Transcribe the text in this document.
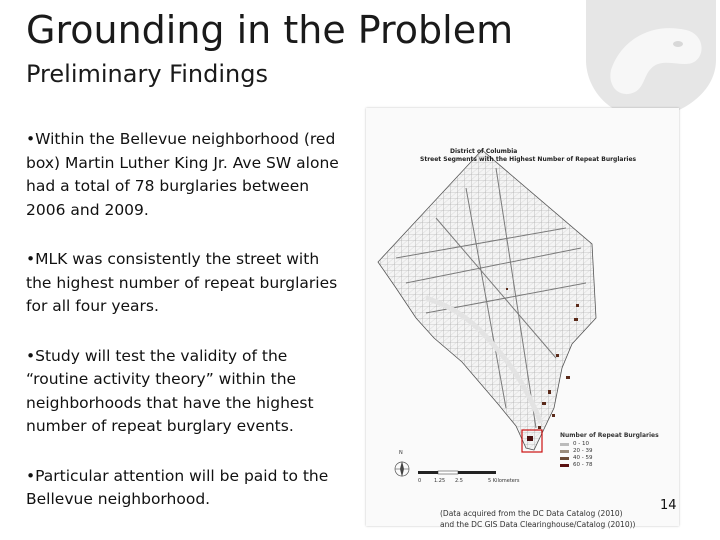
Grounding in the Problem
Preliminary Findings
•Within the Bellevue neighborhood (red box) Martin Luther King Jr. Ave SW alone had a total of 78 burglaries between 2006 and 2009.
•MLK was consistently the street with the highest number of repeat burglaries for all four years.
•Study will test the validity of the “routine activity theory” within the neighborhoods that have the highest number of repeat burglary events.
•Particular attention will be paid to the Bellevue neighborhood.
District of Columbia
Street Segments with the Highest Number of Repeat Burglaries
Number of Repeat Burglaries
0 - 10
20 - 39
40 - 59
60 - 78
N
0	1.25 2.5	5 Kilometers
(Data acquired from the DC Data Catalog (2010)
and the DC GIS Data Clearinghouse/Catalog (2010))
14
